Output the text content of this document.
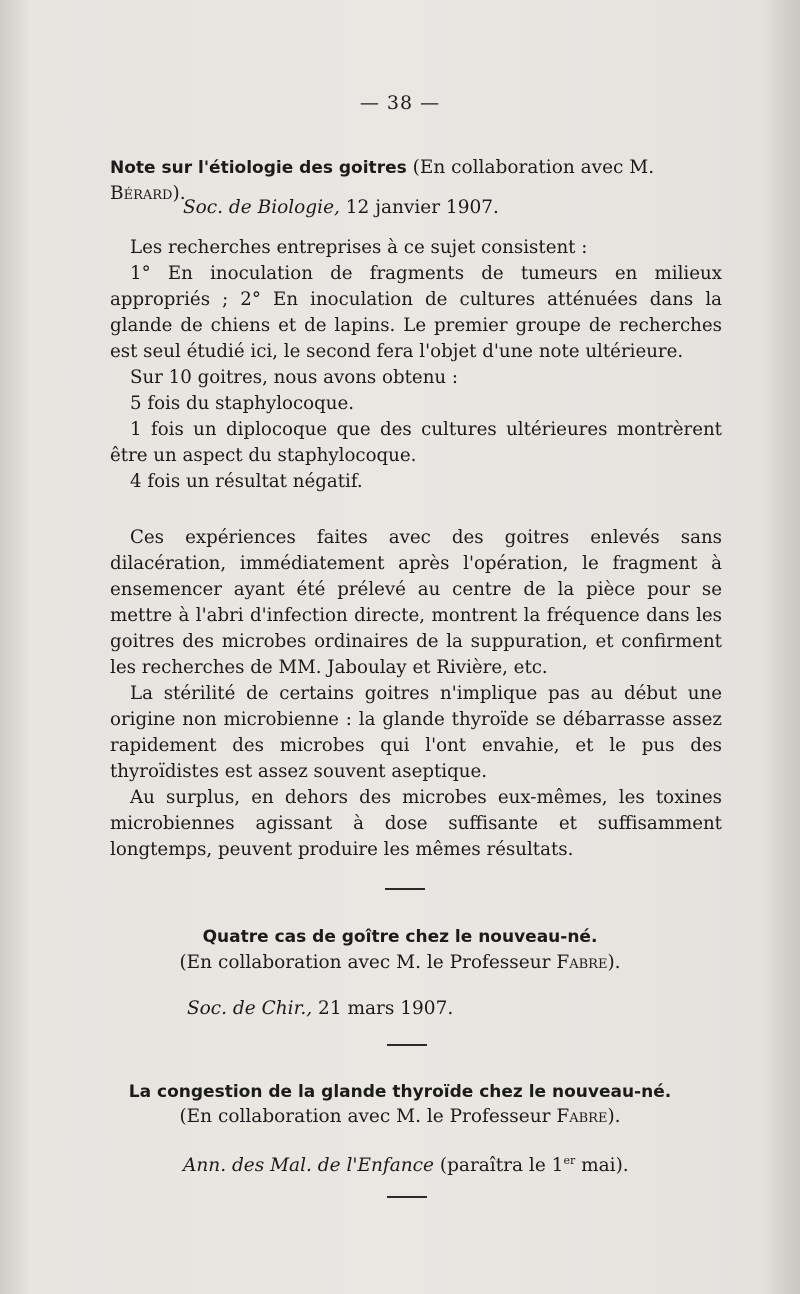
— 38 —
Note sur l'étiologie des goitres (En collaboration avec M. Bérard).
Soc. de Biologie, 12 janvier 1907.

Les recherches entreprises à ce sujet consistent :

1° En inoculation de fragments de tumeurs en milieux appropriés ; 2° En inoculation de cultures atténuées dans la glande de chiens et de lapins. Le premier groupe de recherches est seul étudié ici, le second fera l'objet d'une note ultérieure.

Sur 10 goitres, nous avons obtenu :

5 fois du staphylocoque.

1 fois un diplocoque que des cultures ultérieures montrèrent être un aspect du staphylocoque.

4 fois un résultat négatif.

Ces expériences faites avec des goitres enlevés sans dilacération, immédiatement après l'opération, le fragment à ensemencer ayant été prélevé au centre de la pièce pour se mettre à l'abri d'infection directe, montrent la fréquence dans les goitres des microbes ordinaires de la suppuration, et confirment les recherches de MM. Jaboulay et Rivière, etc.

La stérilité de certains goitres n'implique pas au début une origine non microbienne : la glande thyroïde se débarrasse assez rapidement des microbes qui l'ont envahie, et le pus des thyroïdistes est assez souvent aseptique.

Au surplus, en dehors des microbes eux-mêmes, les toxines microbiennes agissant à dose suffisante et suffisamment longtemps, peuvent produire les mêmes résultats.

Quatre cas de goître chez le nouveau-né.
(En collaboration avec M. le Professeur Fabre).
Soc. de Chir., 21 mars 1907.
La congestion de la glande thyroïde chez le nouveau-né.
(En collaboration avec M. le Professeur Fabre).
Ann. des Mal. de l'Enfance (paraîtra le 1er mai).
